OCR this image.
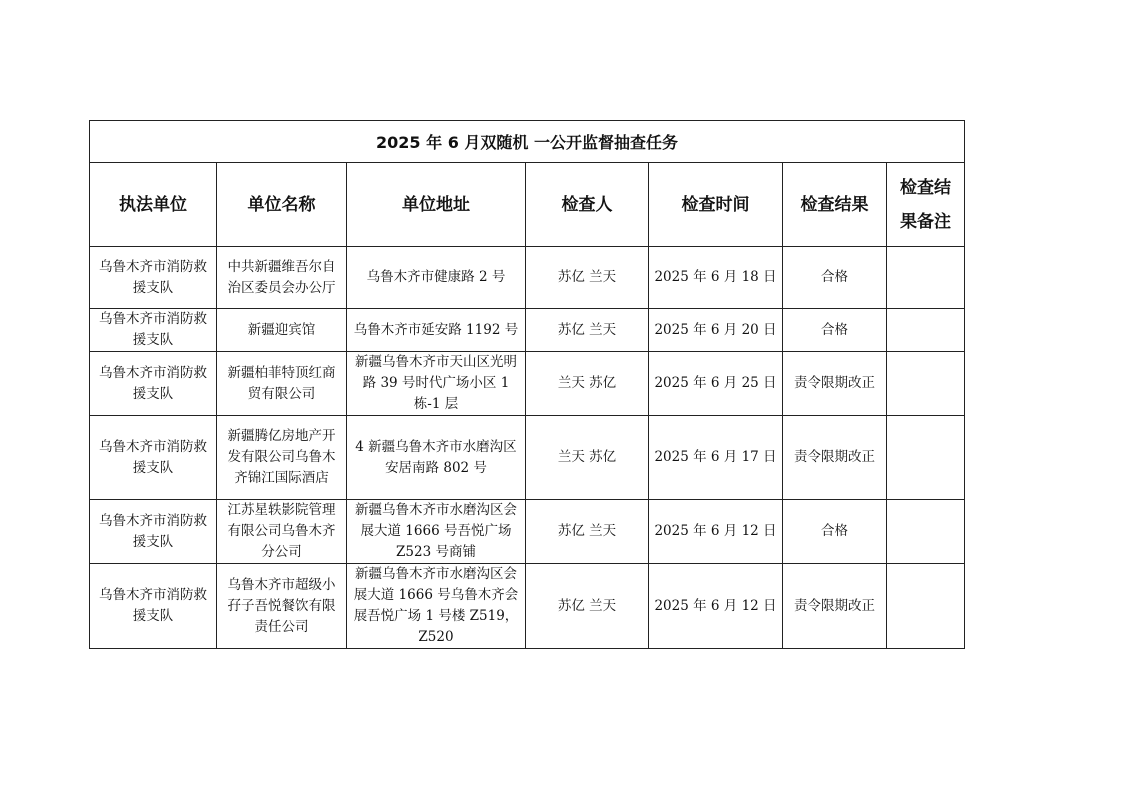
2025 年 6 月双随机 一公开监督抽查任务						
执法单位	单位名称	单位地址	检查人	检查时间	检查结果	检查结果备注
乌鲁木齐市消防救援支队	中共新疆维吾尔自治区委员会办公厅	乌鲁木齐市健康路 2 号	苏亿 兰天	2025 年 6 月 18 日	合格	
乌鲁木齐市消防救援支队	新疆迎宾馆	乌鲁木齐市延安路 1192 号	苏亿 兰天	2025 年 6 月 20 日	合格	
乌鲁木齐市消防救援支队	新疆柏菲特顶红商贸有限公司	新疆乌鲁木齐市天山区光明路 39 号时代广场小区 1 栋-1 层	兰天 苏亿	2025 年 6 月 25 日	责令限期改正	
乌鲁木齐市消防救援支队	新疆腾亿房地产开发有限公司乌鲁木齐锦江国际酒店	4 新疆乌鲁木齐市水磨沟区安居南路 802 号	兰天 苏亿	2025 年 6 月 17 日	责令限期改正	
乌鲁木齐市消防救援支队	江苏星轶影院管理有限公司乌鲁木齐分公司	新疆乌鲁木齐市水磨沟区会展大道 1666 号吾悦广场 Z523 号商铺	苏亿 兰天	2025 年 6 月 12 日	合格	
乌鲁木齐市消防救援支队	乌鲁木齐市超级小孖子吾悦餐饮有限责任公司	新疆乌鲁木齐市水磨沟区会展大道 1666 号乌鲁木齐会展吾悦广场 1 号楼 Z519，Z520	苏亿 兰天	2025 年 6 月 12 日	责令限期改正	
